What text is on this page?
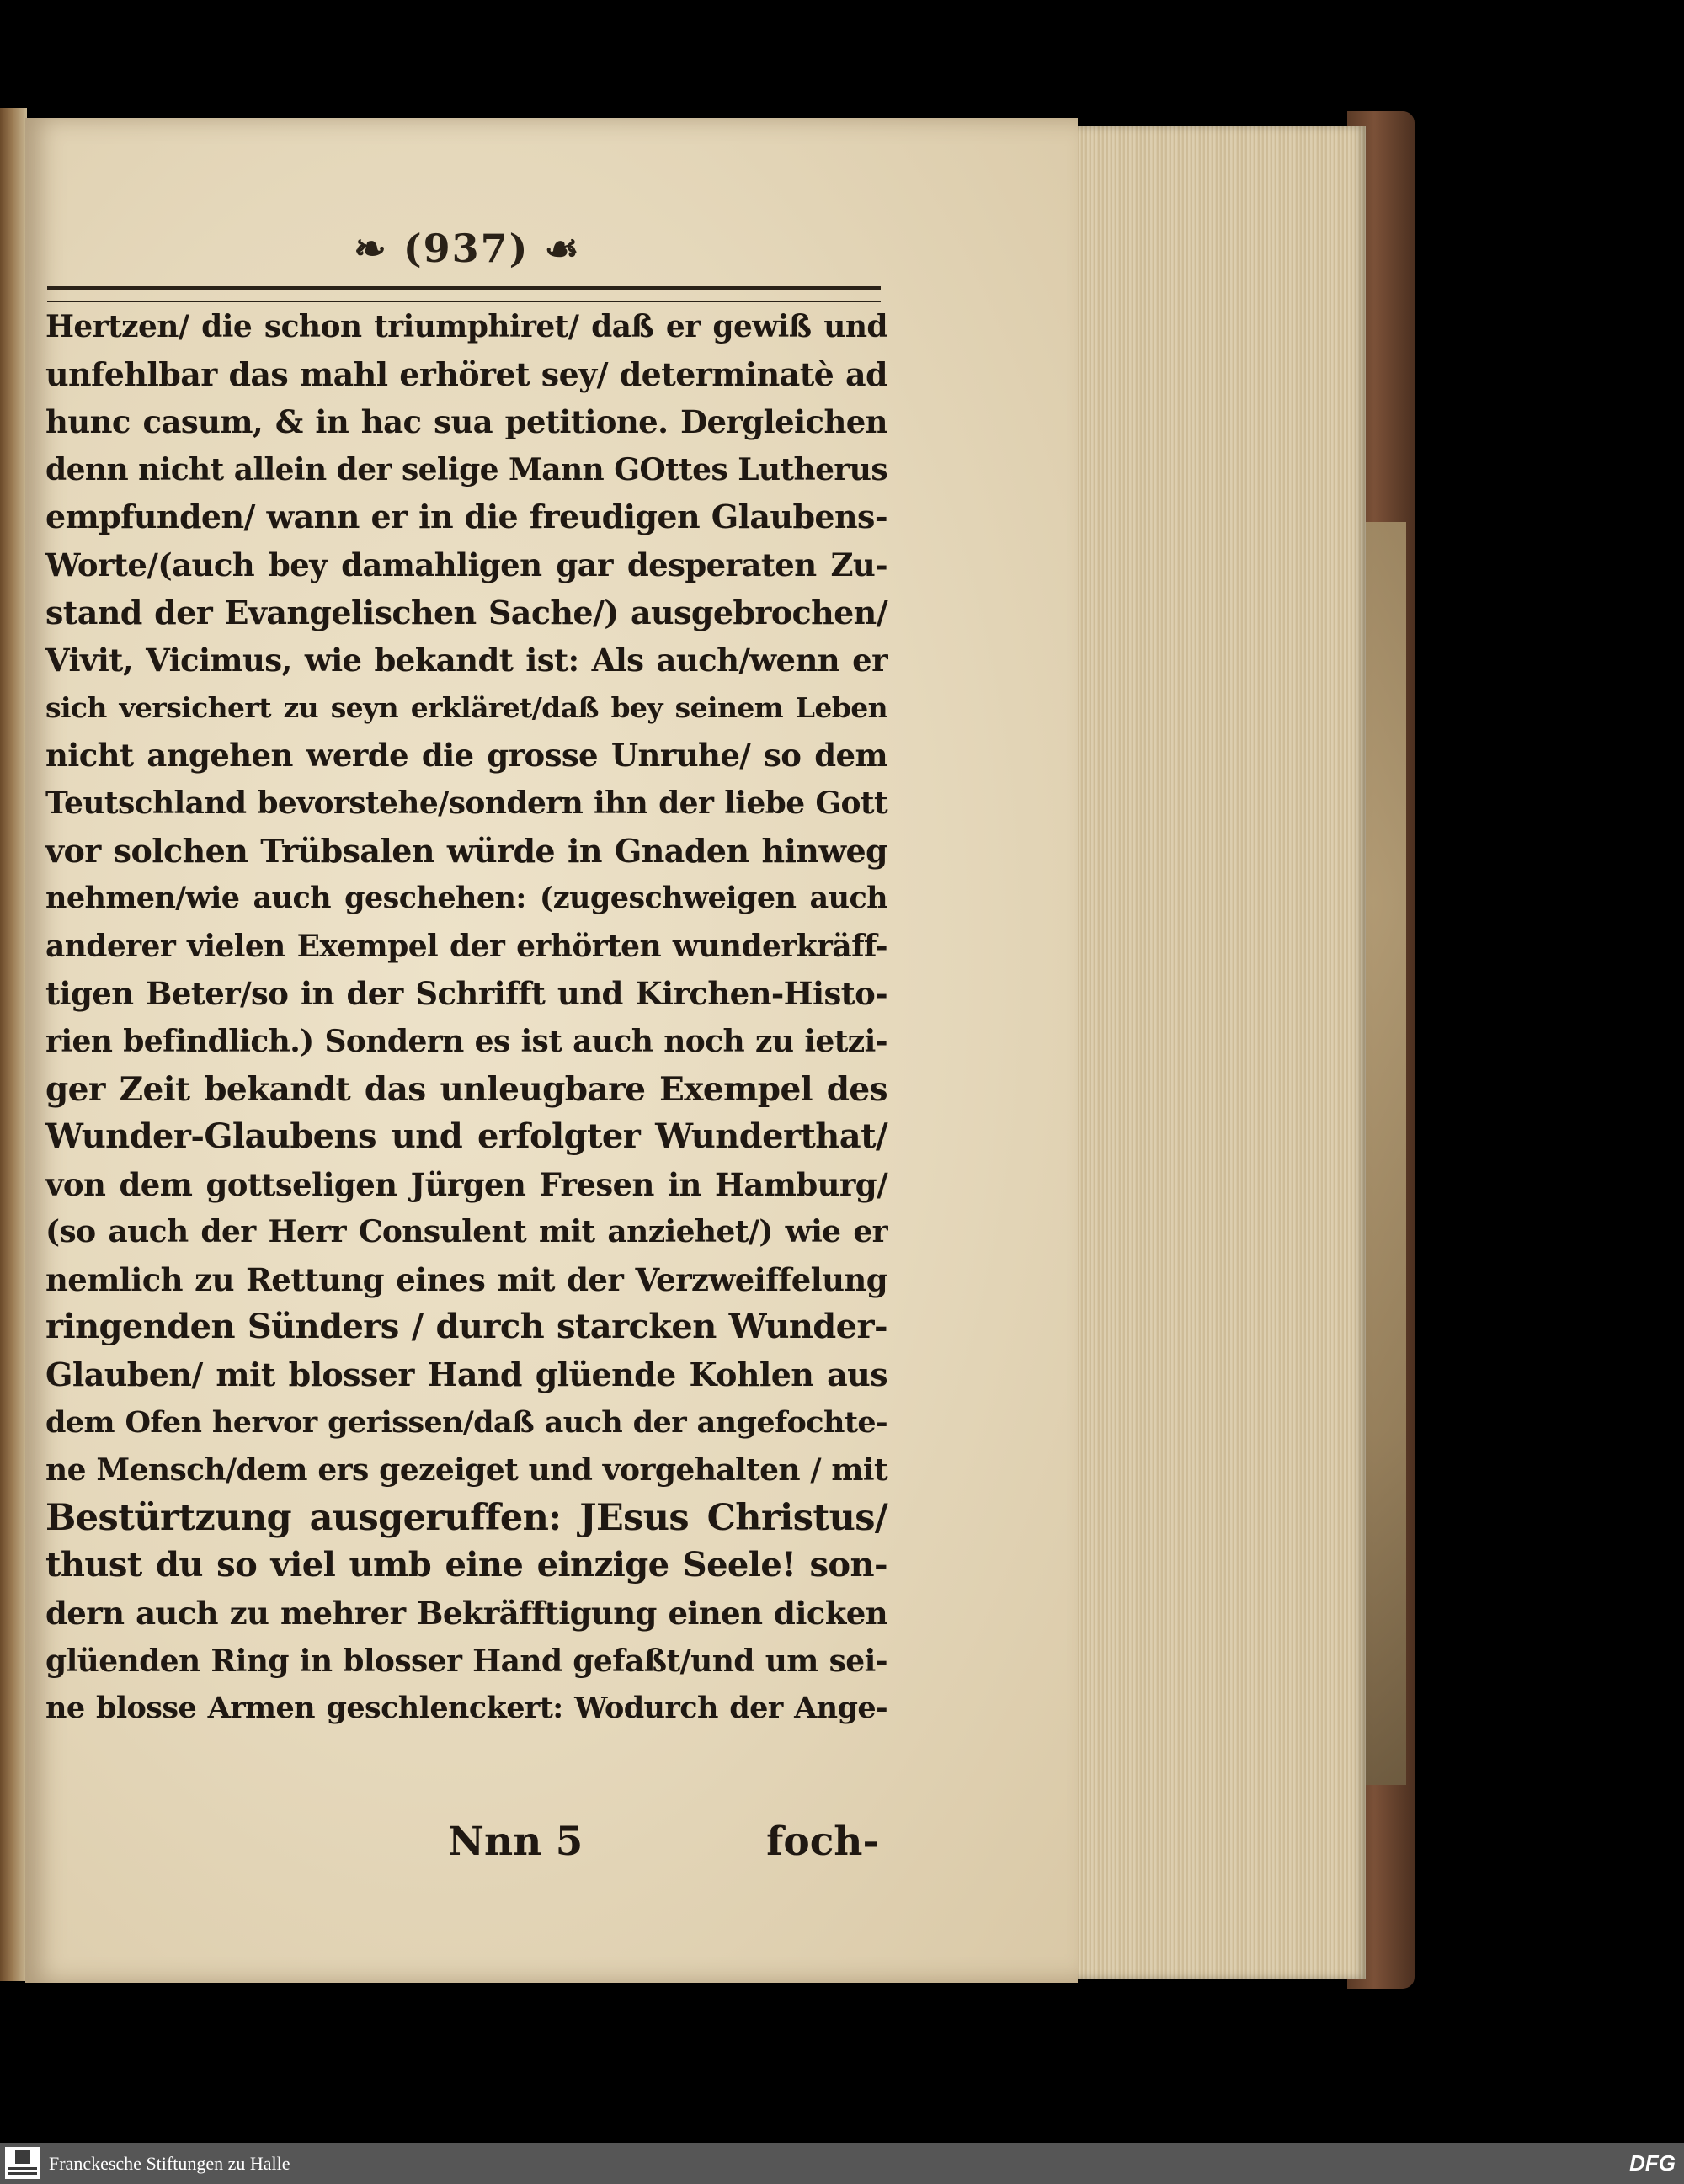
❧ (937) ☙
Hertzen/ die schon triumphiret/ daß er gewiß und
unfehlbar das mahl erhöret sey/ determinatè ad
hunc casum, & in hac sua petitione. Dergleichen
denn nicht allein der selige Mann GOttes Lutherus
empfunden/ wann er in die freudigen Glaubens-
Worte/(auch bey damahligen gar desperaten Zu-
stand der Evangelischen Sache/) ausgebrochen/
Vivit, Vicimus, wie bekandt ist: Als auch/wenn er
sich versichert zu seyn erkläret/daß bey seinem Leben
nicht angehen werde die grosse Unruhe/ so dem
Teutschland bevorstehe/sondern ihn der liebe Gott
vor solchen Trübsalen würde in Gnaden hinweg
nehmen/wie auch geschehen: (zugeschweigen auch
anderer vielen Exempel der erhörten wunderkräff-
tigen Beter/so in der Schrifft und Kirchen-Histo-
rien befindlich.) Sondern es ist auch noch zu ietzi-
ger Zeit bekandt das unleugbare Exempel des
Wunder-Glaubens und erfolgter Wunderthat/
von dem gottseligen Jürgen Fresen in Hamburg/
(so auch der Herr Consulent mit anziehet/) wie er
nemlich zu Rettung eines mit der Verzweiffelung
ringenden Sünders / durch starcken Wunder-
Glauben/ mit blosser Hand glüende Kohlen aus
dem Ofen hervor gerissen/daß auch der angefochte-
ne Mensch/dem ers gezeiget und vorgehalten / mit
Bestürtzung ausgeruffen: JEsus Christus/
thust du so viel umb eine einzige Seele! son-
dern auch zu mehrer Bekräfftigung einen dicken
glüenden Ring in blosser Hand gefaßt/und um sei-
ne blosse Armen geschlenckert: Wodurch der Ange-
Nnn 5	foch-
Franckesche Stiftungen zu Halle	DFG
